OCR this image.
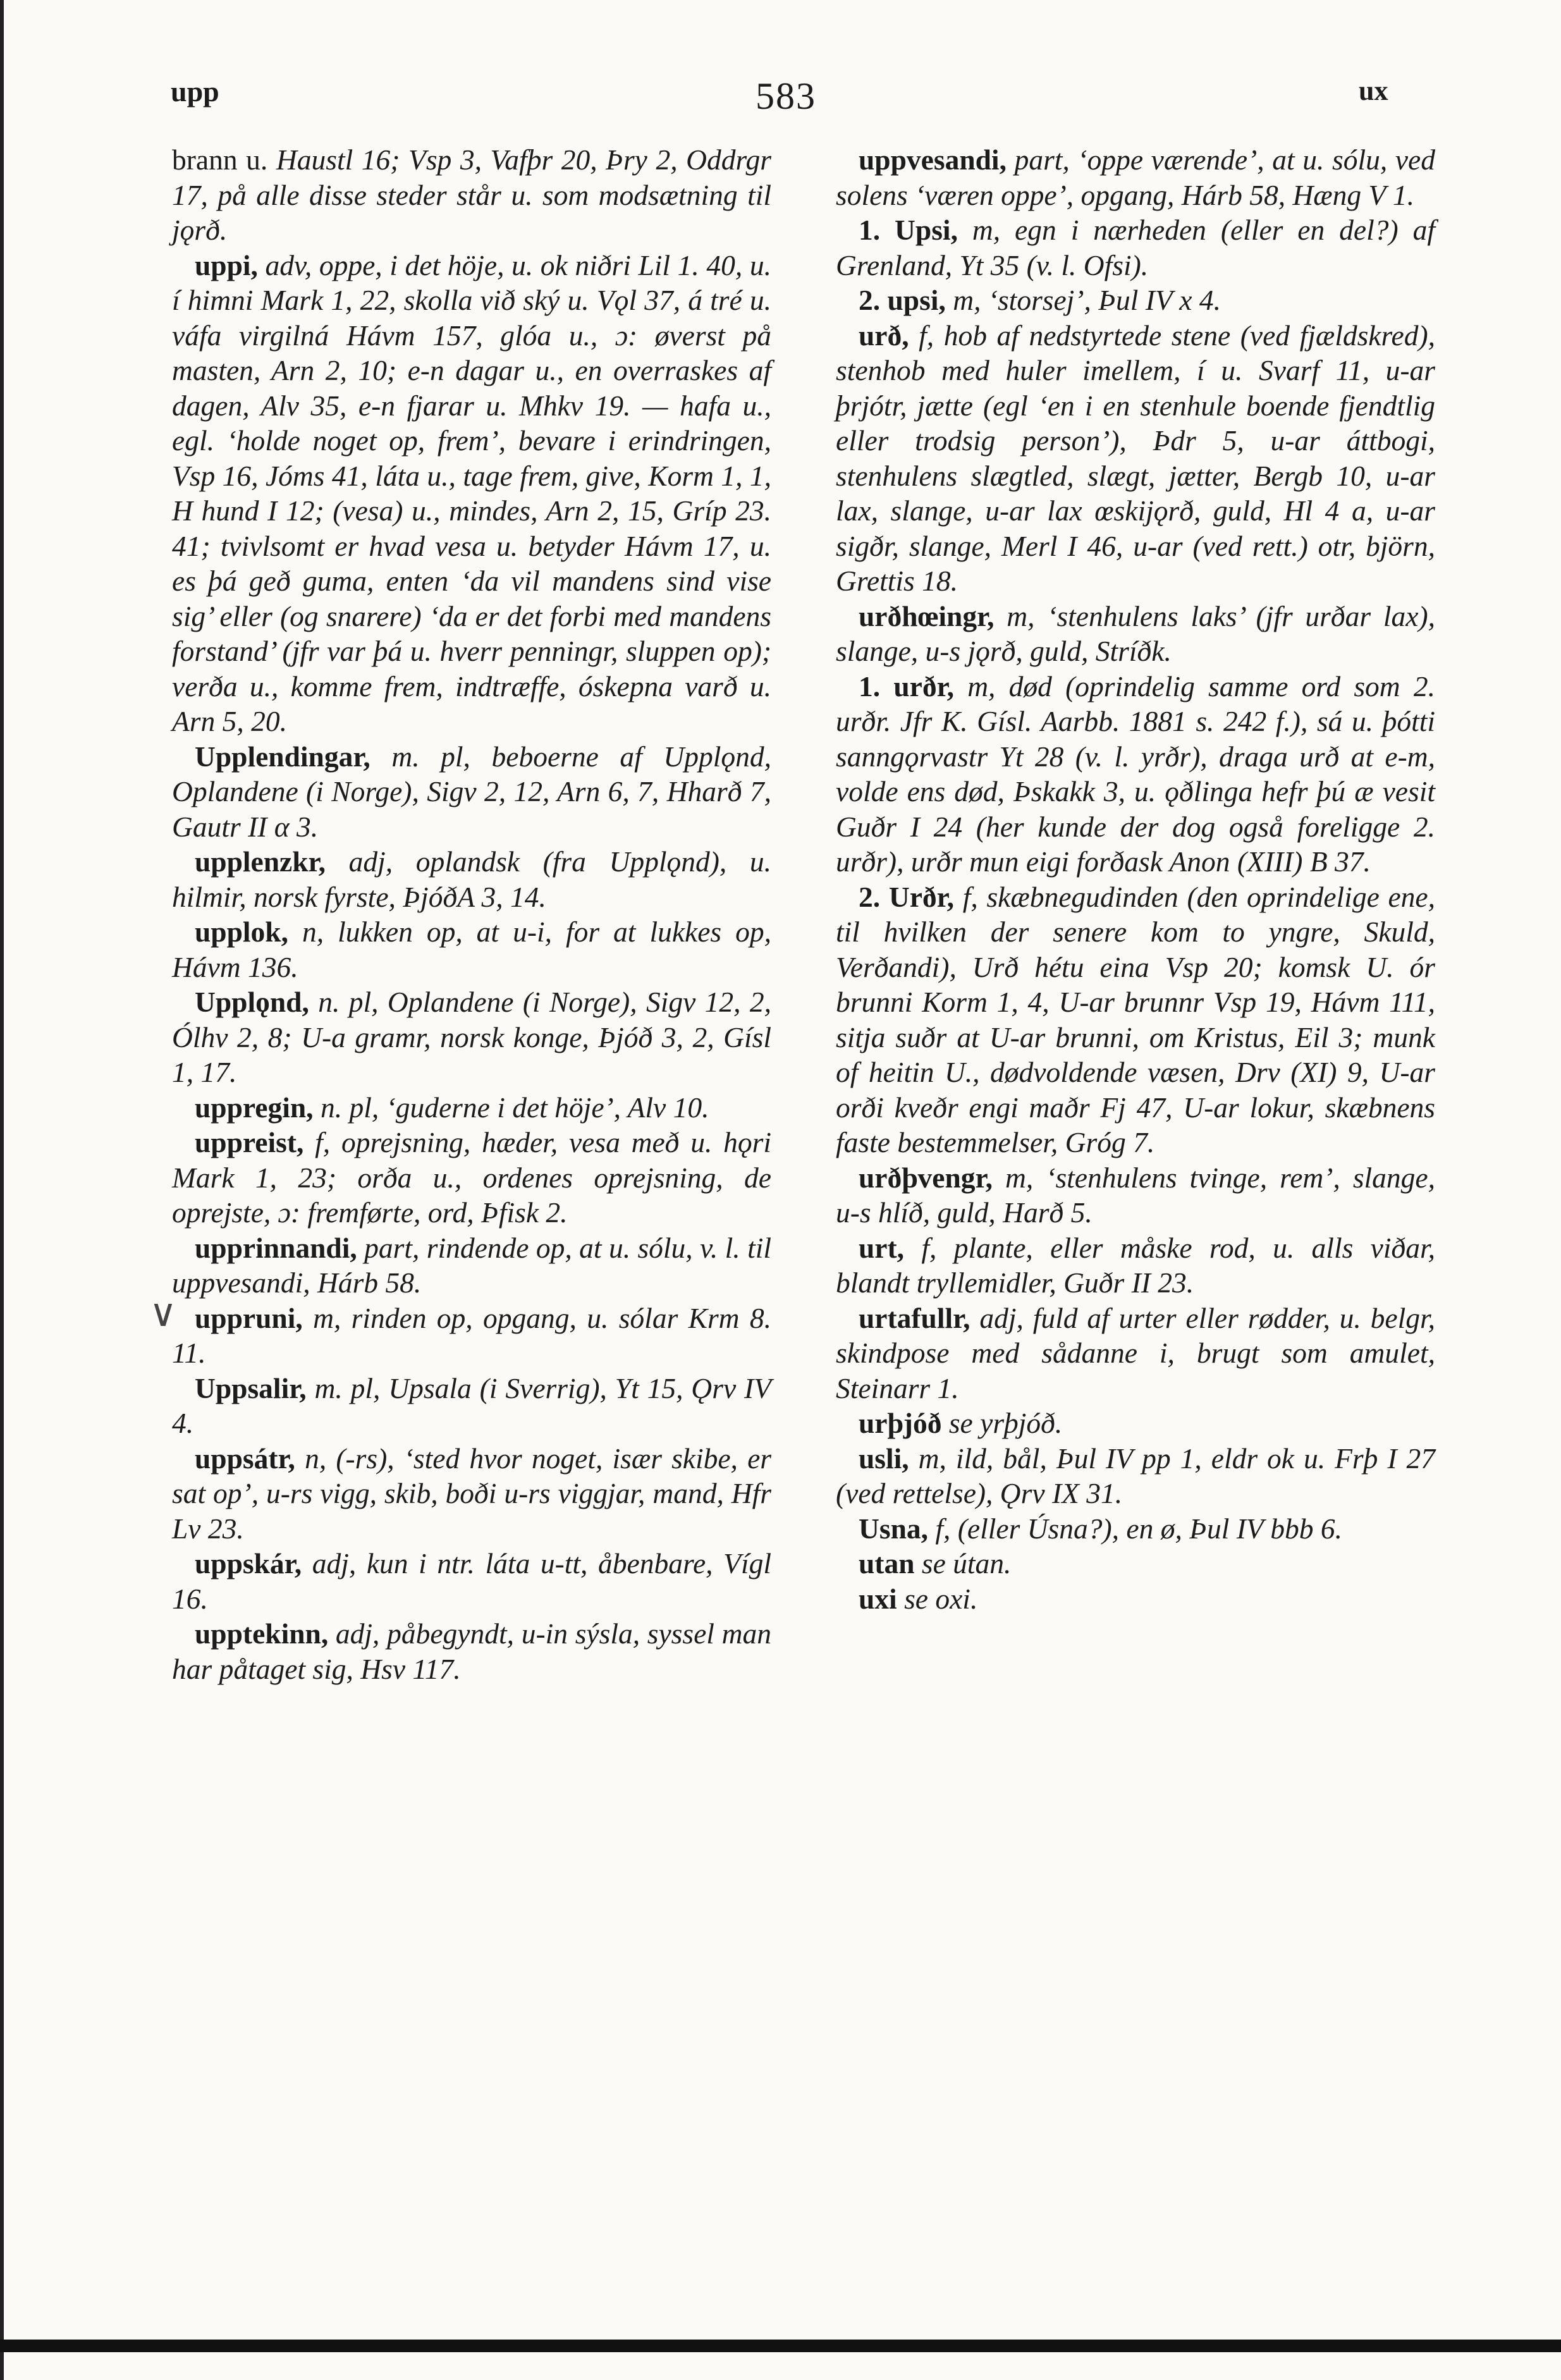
upp	583	ux
∨

brann u. Haustl 16; Vsp 3, Vafþr 20, Þry 2, Oddrgr 17, på alle disse steder står u. som modsætning til jǫrð.

uppi, adv, oppe, i det höje, u. ok niðri Lil 1. 40, u. í himni Mark 1, 22, skolla við ský u. Vǫl 37, á tré u. váfa virgilná Hávm 157, glóa u., ɔ: øverst på masten, Arn 2, 10; e-n dagar u., en overraskes af dagen, Alv 35, e-n fjarar u. Mhkv 19. — hafa u., egl. ‘holde noget op, frem’, bevare i erindringen, Vsp 16, Jóms 41, láta u., tage frem, give, Korm 1, 1, H hund I 12; (vesa) u., mindes, Arn 2, 15, Gríp 23. 41; tvivlsomt er hvad vesa u. betyder Hávm 17, u. es þá geð guma, enten ‘da vil mandens sind vise sig’ eller (og snarere) ‘da er det forbi med mandens forstand’ (jfr var þá u. hverr penningr, sluppen op); verða u., komme frem, indtræffe, óskepna varð u. Arn 5, 20.

Upplendingar, m. pl, beboerne af Upplǫnd, Oplandene (i Norge), Sigv 2, 12, Arn 6, 7, Hharð 7, Gautr II α 3.

upplenzkr, adj, oplandsk (fra Upplǫnd), u. hilmir, norsk fyrste, ÞjóðA 3, 14.

upplok, n, lukken op, at u-i, for at lukkes op, Hávm 136.

Upplǫnd, n. pl, Oplandene (i Norge), Sigv 12, 2, Ólhv 2, 8; U-a gramr, norsk konge, Þjóð 3, 2, Gísl 1, 17.

uppregin, n. pl, ‘guderne i det höje’, Alv 10.

uppreist, f, oprejsning, hæder, vesa með u. hǫri Mark 1, 23; orða u., ordenes oprejsning, de oprejste, ɔ: fremførte, ord, Þfisk 2.

upprinnandi, part, rindende op, at u. sólu, v. l. til uppvesandi, Hárb 58.

uppruni, m, rinden op, opgang, u. sólar Krm 8. 11.

Uppsalir, m. pl, Upsala (i Sverrig), Yt 15, Ǫrv IV 4.

uppsátr, n, (-rs), ‘sted hvor noget, især skibe, er sat op’, u-rs vigg, skib, boði u-rs viggjar, mand, Hfr Lv 23.

uppskár, adj, kun i ntr. láta u-tt, åbenbare, Vígl 16.

upptekinn, adj, påbegyndt, u-in sýsla, syssel man har påtaget sig, Hsv 117.

uppvesandi, part, ‘oppe værende’, at u. sólu, ved solens ‘væren oppe’, opgang, Hárb 58, Hæng V 1.

1. Upsi, m, egn i nærheden (eller en del?) af Grenland, Yt 35 (v. l. Ofsi).

2. upsi, m, ‘storsej’, Þul IV x 4.

urð, f, hob af nedstyrtede stene (ved fjældskred), stenhob med huler imellem, í u. Svarf 11, u-ar þrjótr, jætte (egl ‘en i en stenhule boende fjendtlig eller trodsig person’), Þdr 5, u-ar áttbogi, stenhulens slægtled, slægt, jætter, Bergb 10, u-ar lax, slange, u-ar lax œskijǫrð, guld, Hl 4 a, u-ar sigðr, slange, Merl I 46, u-ar (ved rett.) otr, björn, Grettis 18.

urðhœingr, m, ‘stenhulens laks’ (jfr urðar lax), slange, u-s jǫrð, guld, Stríðk.

1. urðr, m, død (oprindelig samme ord som 2. urðr. Jfr K. Gísl. Aarbb. 1881 s. 242 f.), sá u. þótti sanngǫrvastr Yt 28 (v. l. yrðr), draga urð at e-m, volde ens død, Þskakk 3, u. ǫðlinga hefr þú æ vesit Guðr I 24 (her kunde der dog også foreligge 2. urðr), urðr mun eigi forðask Anon (XIII) B 37.

2. Urðr, f, skæbnegudinden (den oprindelige ene, til hvilken der senere kom to yngre, Skuld, Verðandi), Urð hétu eina Vsp 20; komsk U. ór brunni Korm 1, 4, U-ar brunnr Vsp 19, Hávm 111, sitja suðr at U-ar brunni, om Kristus, Eil 3; munk of heitin U., dødvoldende væsen, Drv (XI) 9, U-ar orði kveðr engi maðr Fj 47, U-ar lokur, skæbnens faste bestemmelser, Gróg 7.

urðþvengr, m, ‘stenhulens tvinge, rem’, slange, u-s hlíð, guld, Harð 5.

urt, f, plante, eller måske rod, u. alls viðar, blandt tryllemidler, Guðr II 23.

urtafullr, adj, fuld af urter eller rødder, u. belgr, skindpose med sådanne i, brugt som amulet, Steinarr 1.

urþjóð se yrþjóð.

usli, m, ild, bål, Þul IV pp 1, eldr ok u. Frþ I 27 (ved rettelse), Ǫrv IX 31.

Usna, f, (eller Úsna?), en ø, Þul IV bbb 6.

utan se útan.

uxi se oxi.
